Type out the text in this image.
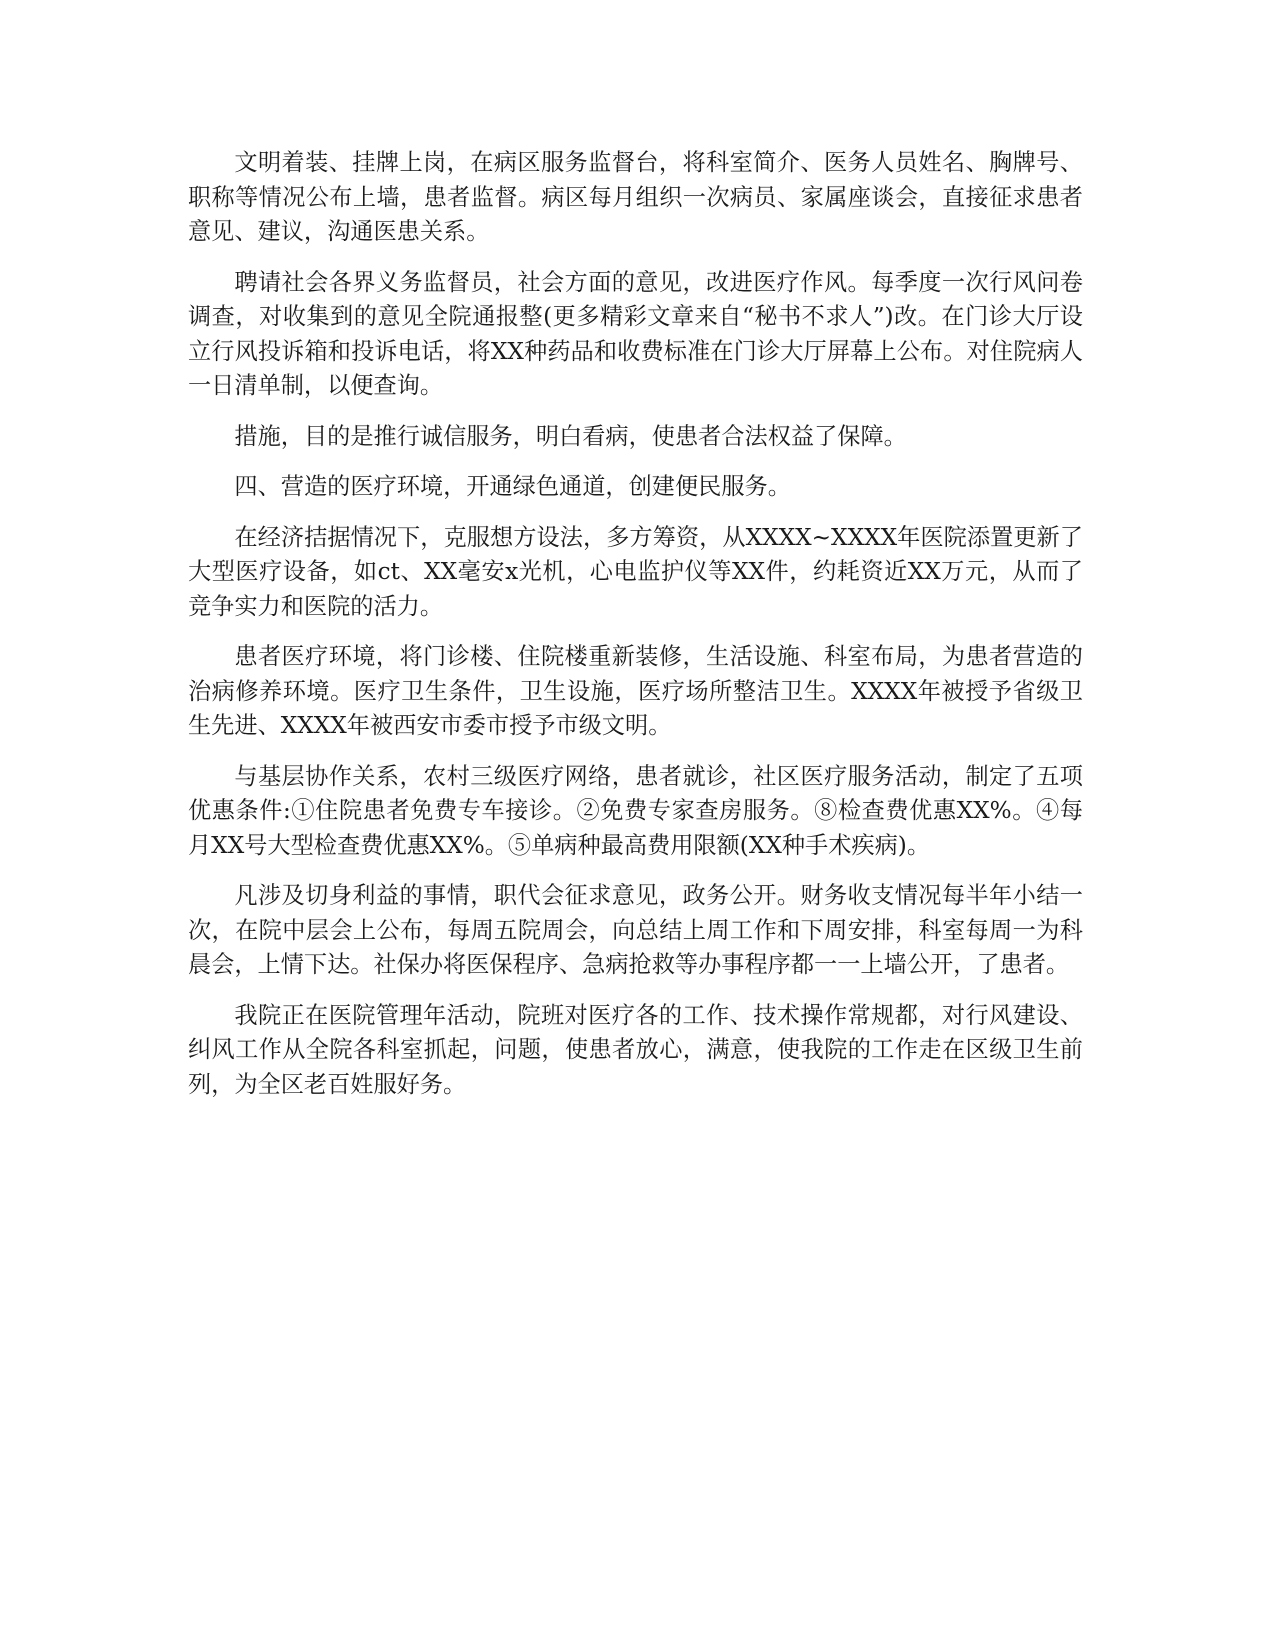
文明着装、挂牌上岗，在病区服务监督台，将科室简介、医务人员姓名、胸牌号、职称等情况公布上墙，患者监督。病区每月组织一次病员、家属座谈会，直接征求患者意见、建议，沟通医患关系。

聘请社会各界义务监督员，社会方面的意见，改进医疗作风。每季度一次行风问卷调查，对收集到的意见全院通报整(更多精彩文章来自“秘书不求人”)改。在门诊大厅设立行风投诉箱和投诉电话，将XX种药品和收费标准在门诊大厅屏幕上公布。对住院病人一日清单制，以便查询。

措施，目的是推行诚信服务，明白看病，使患者合法权益了保障。

四、营造的医疗环境，开通绿色通道，创建便民服务。

在经济拮据情况下，克服想方设法，多方筹资，从XXXX~XXXX年医院添置更新了大型医疗设备，如ct、XX毫安x光机，心电监护仪等XX件，约耗资近XX万元，从而了竞争实力和医院的活力。

患者医疗环境，将门诊楼、住院楼重新装修，生活设施、科室布局，为患者营造的治病修养环境。医疗卫生条件，卫生设施，医疗场所整洁卫生。XXXX年被授予省级卫生先进、XXXX年被西安市委市授予市级文明。

与基层协作关系，农村三级医疗网络，患者就诊，社区医疗服务活动，制定了五项优惠条件:①住院患者免费专车接诊。②免费专家查房服务。⑧检查费优惠XX%。④每月XX号大型检查费优惠XX%。⑤单病种最高费用限额(XX种手术疾病)。

凡涉及切身利益的事情，职代会征求意见，政务公开。财务收支情况每半年小结一次，在院中层会上公布，每周五院周会，向总结上周工作和下周安排，科室每周一为科晨会，上情下达。社保办将医保程序、急病抢救等办事程序都一一上墙公开，了患者。

我院正在医院管理年活动，院班对医疗各的工作、技术操作常规都，对行风建设、纠风工作从全院各科室抓起，问题，使患者放心，满意，使我院的工作走在区级卫生前列，为全区老百姓服好务。
